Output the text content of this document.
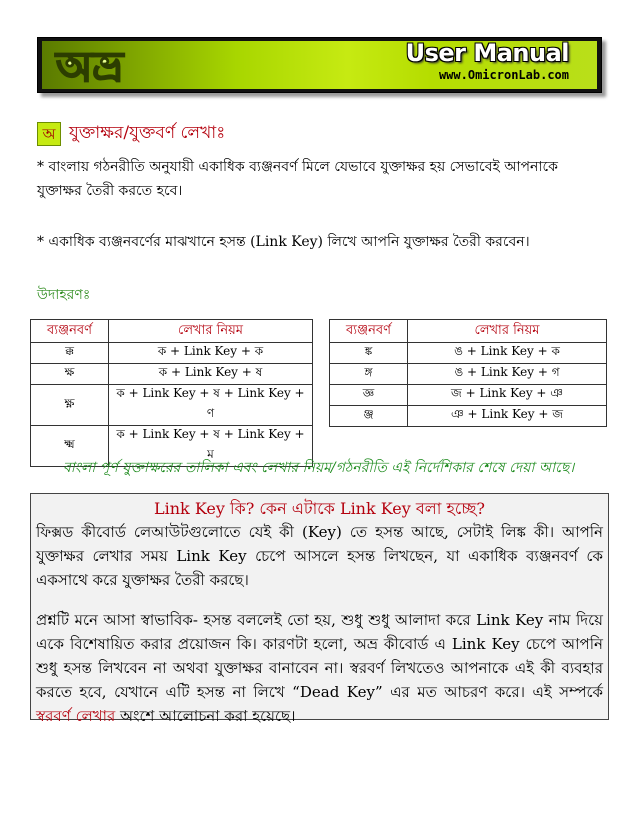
অভ্র	User Manual
www.OmicronLab.com
অ যুক্তাক্ষর/যুক্তবর্ণ লেখাঃ
* বাংলায় গঠনরীতি অনুযায়ী একাধিক ব্যঞ্জনবর্ণ মিলে যেভাবে যুক্তাক্ষর হয় সেভাবেই আপনাকে যুক্তাক্ষর তৈরী করতে হবে।
* একাধিক ব্যঞ্জনবর্ণের মাঝখানে হসন্ত (Link Key) লিখে আপনি যুক্তাক্ষর তৈরী করবেন।
উদাহরণঃ
ব্যঞ্জনবর্ণ	লেখার নিয়ম
ক্ক	ক + Link Key + ক
ক্ষ	ক + Link Key + ষ
ক্ষ্ণ	ক + Link Key + ষ + Link Key + ণ
ক্ষ্ম	ক + Link Key + ষ + Link Key + ম
ব্যঞ্জনবর্ণ	লেখার নিয়ম
ঙ্ক	ঙ + Link Key + ক
ঙ্গ	ঙ + Link Key + গ
জ্ঞ	জ + Link Key + ঞ
ঞ্জ	ঞ + Link Key + জ
বাংলা পূর্ণ যুক্তাক্ষরের তালিকা এবং লেখার নিয়ম/গঠনরীতি এই নির্দেশিকার শেষে দেয়া আছে।
Link Key কি? কেন এটাকে Link Key বলা হচ্ছে?
ফিক্সড কীবোর্ড লেআউটগুলোতে যেই কী (Key) তে হসন্ত আছে, সেটাই লিঙ্ক কী। আপনি যুক্তাক্ষর লেখার সময় Link Key চেপে আসলে হসন্ত লিখছেন, যা একাধিক ব্যঞ্জনবর্ণ কে একসাথে করে যুক্তাক্ষর তৈরী করছে।
প্রশ্নটি মনে আসা স্বাভাবিক- হসন্ত বললেই তো হয়, শুধু শুধু আলাদা করে Link Key নাম দিয়ে একে বিশেষায়িত করার প্রয়োজন কি। কারণটা হলো, অভ্র কীবোর্ড এ Link Key চেপে আপনি শুধু হসন্ত লিখবেন না অথবা যুক্তাক্ষর বানাবেন না। স্বরবর্ণ লিখতেও আপনাকে এই কী ব্যবহার করতে হবে, যেখানে এটি হসন্ত না লিখে “Dead Key” এর মত আচরণ করে। এই সম্পর্কে স্বরবর্ণ লেখার অংশে আলোচনা করা হয়েছে।
